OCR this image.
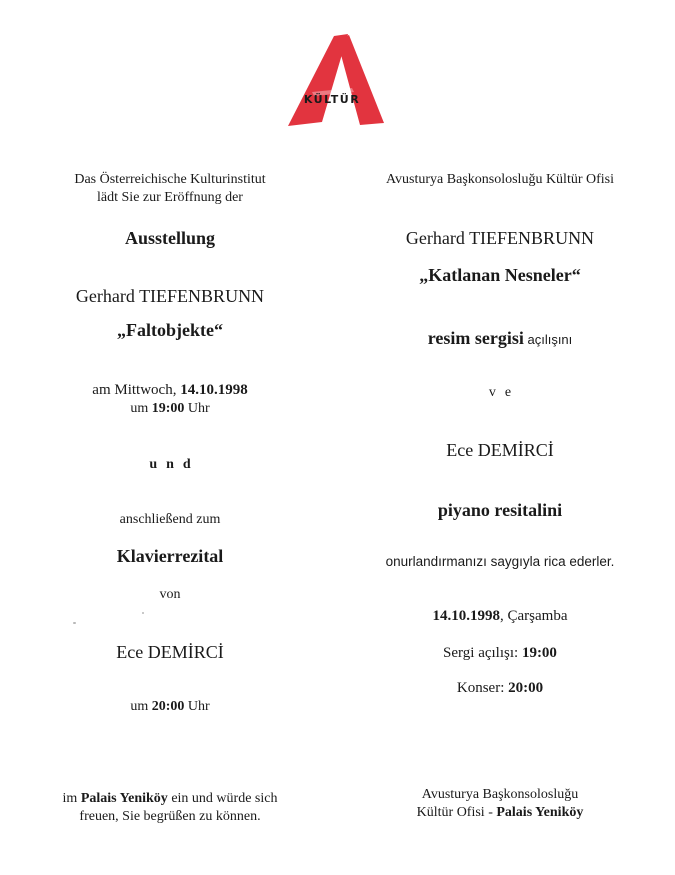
KÜLTÜR
Das Österreichische Kulturinstitut
lädt Sie zur Eröffnung der
Ausstellung
Gerhard TIEFENBRUNN
„Faltobjekte“
am Mittwoch, 14.10.1998
um 19:00 Uhr
und
anschließend zum
Klavierrezital
von
Ece DEMİRCİ
um 20:00 Uhr
im Palais Yeniköy ein und würde sich
freuen, Sie begrüßen zu können.
Avusturya Başkonsolosluğu Kültür Ofisi
Gerhard TIEFENBRUNN
„Katlanan Nesneler“
resim sergisi açılışını
ve
Ece DEMİRCİ
piyano resitalini
onurlandırmanızı saygıyla rica ederler.
14.10.1998, Çarşamba
Sergi açılışı: 19:00
Konser: 20:00
Avusturya Başkonsolosluğu
Kültür Ofisi - Palais Yeniköy
